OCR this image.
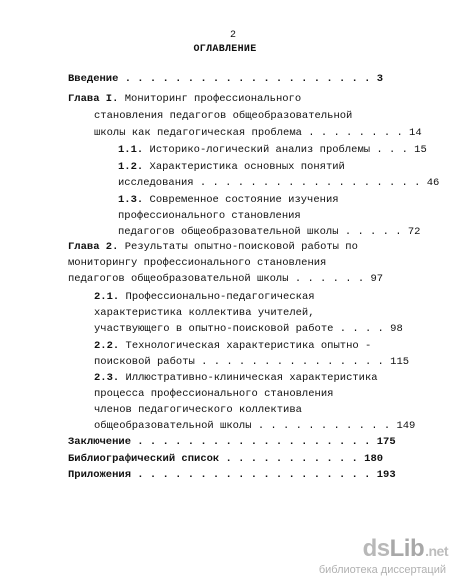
2
ОГЛАВЛЕНИЕ
Введение . . . . . . . . . . . . . . . . . . . . 3
Глава I. Мониторинг профессионального
становления педагогов общеобразовательной
школы как педагогическая проблема . . . . . . . . 14
1.1. Историко-логический анализ проблемы . . . 15
1.2. Характеристика основных понятий
исследования . . . . . . . . . . . . . . . . . . 46
1.3. Современное состояние изучения
профессионального становления
педагогов общеобразовательной школы . . . . . 72
Глава 2. Результаты опытно-поисковой работы по
мониторингу профессионального становления
педагогов общеобразовательной школы . . . . . . 97
2.1. Профессионально-педагогическая
характеристика коллектива учителей,
участвующего в опытно-поисковой работе . . . . 98
2.2. Технологическая характеристика опытно -
поисковой работы . . . . . . . . . . . . . . . 115
2.3. Иллюстративно-клиническая характеристика
процесса профессионального становления
членов педагогического коллектива
общеобразовательной школы . . . . . . . . . . . 149
Заключение . . . . . . . . . . . . . . . . . . . 175
Библиографический список . . . . . . . . . . . 180
Приложения . . . . . . . . . . . . . . . . . . . 193
dsLib.net
библиотека диссертаций
